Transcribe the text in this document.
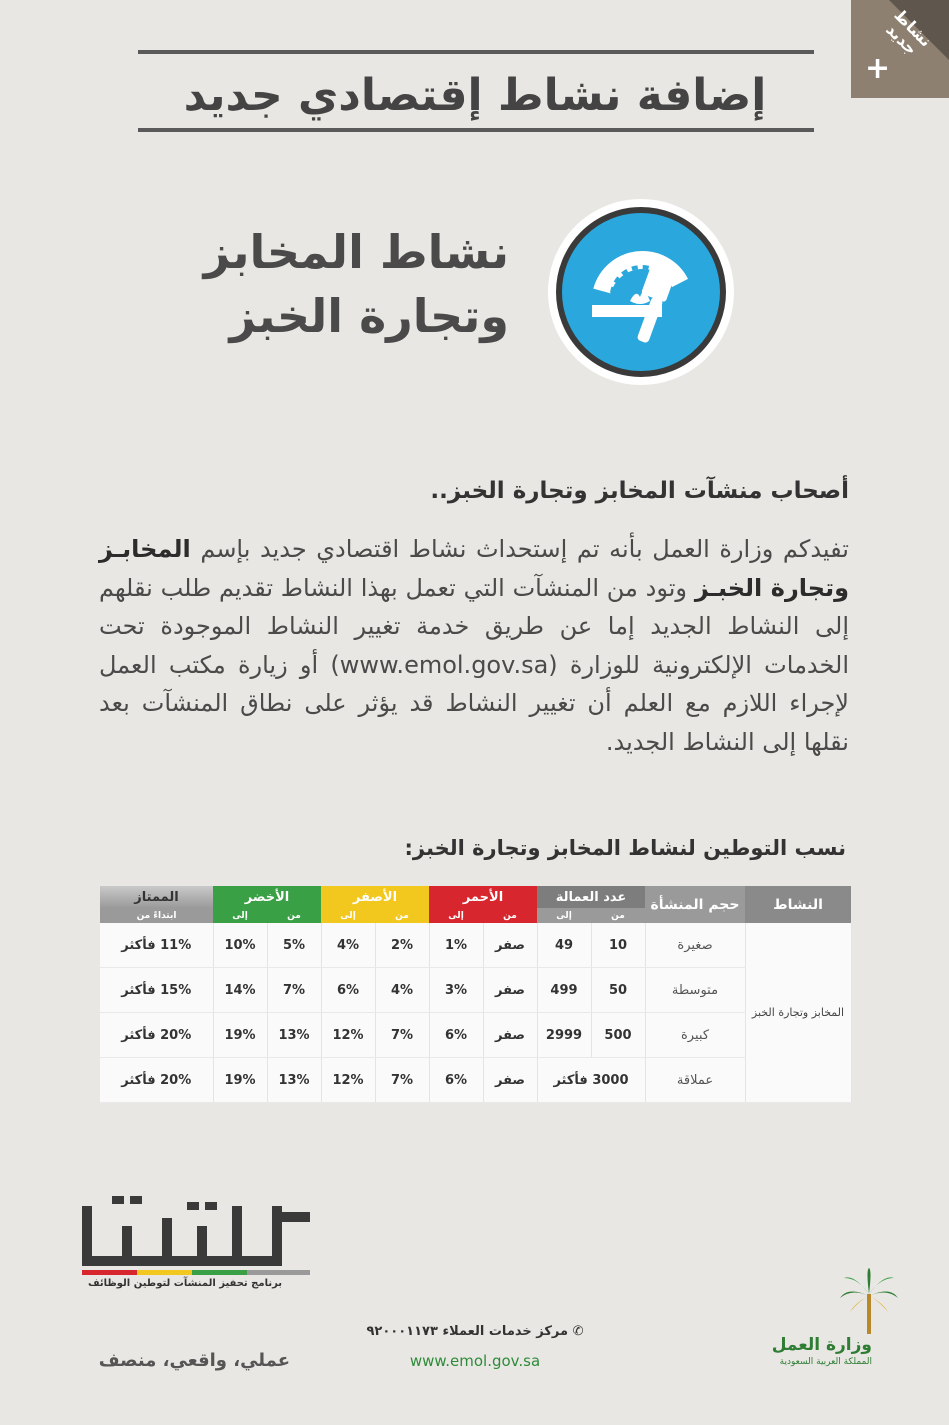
نشاط جديد
+
إضافة نشاط إقتصادي جديد
نشاط المخابز
وتجارة الخبز
أصحاب منشآت المخابز وتجارة الخبز..
تفيدكم وزارة العمل بأنه تم إستحداث نشاط اقتصادي جديد بإسم المخابـز وتجارة الخبـز وتود من المنشآت التي تعمل بهذا النشاط تقديم طلب نقلهم إلى النشاط الجديد إما عن طريق خدمة تغيير النشاط الموجودة تحت الخدمات الإلكترونية للوزارة (www.emol.gov.sa) أو زيارة مكتب العمل لإجراء اللازم مع العلم أن تغيير النشاط قد يؤثر على نطاق المنشآت بعد نقلها إلى النشاط الجديد.
نسب التوطين لنشاط المخابز وتجارة الخبز:
النشاط	حجم المنشأة	عدد العمالة		الأحمر		الأصفر		الأخضر		الممتاز
		من	إلى	من	إلى	من	إلى	من	إلى	ابتداءً من
المخابز وتجارة الخبز	صغيرة	10	49	صفر	1%	2%	4%	5%	10%	11% فأكثر
	متوسطة	50	499	صفر	3%	4%	6%	7%	14%	15% فأكثر
	كبيرة	500	2999	صفر	6%	7%	12%	13%	19%	20% فأكثر
	عملاقة	3000 فأكثر		صفر	6%	7%	12%	13%	19%	20% فأكثر
برنامج تحفيز المنشآت لتوطين الوظائف
عملي، واقعي، منصف
✆ مركز خدمات العملاء ٩٢٠٠٠١١٧٣
www.emol.gov.sa
وزارة العمل
المملكة العربية السعودية
